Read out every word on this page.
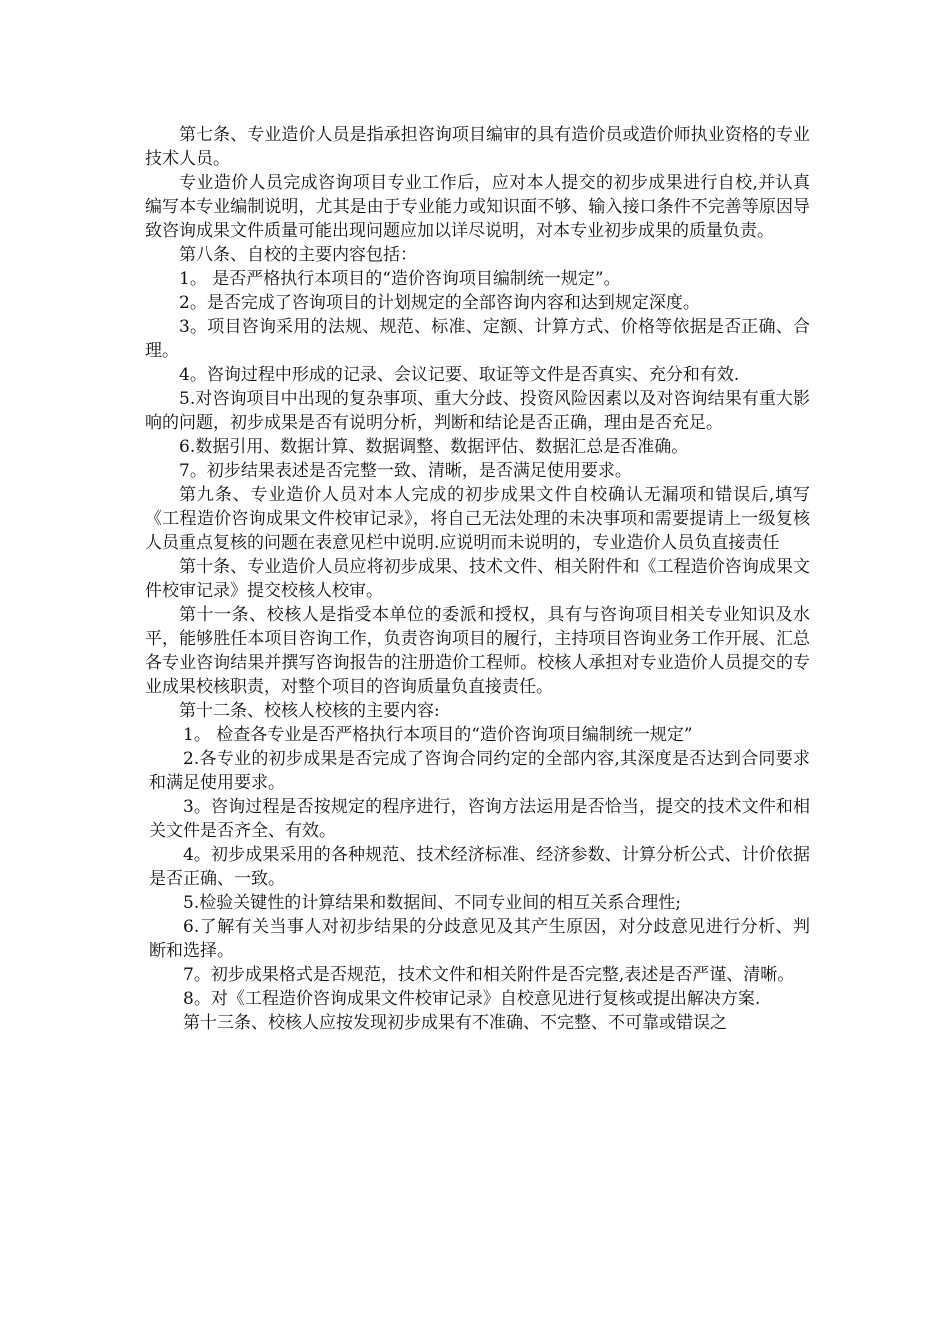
第七条、专业造价人员是指承担咨询项目编审的具有造价员或造价师执业资格的专业技术人员。

专业造价人员完成咨询项目专业工作后，应对本人提交的初步成果进行自校,并认真编写本专业编制说明，尤其是由于专业能力或知识面不够、输入接口条件不完善等原因导致咨询成果文件质量可能出现问题应加以详尽说明，对本专业初步成果的质量负责。

第八条、自校的主要内容包括：

1。 是否严格执行本项目的“造价咨询项目编制统一规定”。

2。是否完成了咨询项目的计划规定的全部咨询内容和达到规定深度。

3。项目咨询采用的法规、规范、标准、定额、计算方式、价格等依据是否正确、合理。

4。咨询过程中形成的记录、会议记要、取证等文件是否真实、充分和有效.

5.对咨询项目中出现的复杂事项、重大分歧、投资风险因素以及对咨询结果有重大影响的问题，初步成果是否有说明分析，判断和结论是否正确，理由是否充足。

6.数据引用、数据计算、数据调整、数据评估、数据汇总是否准确。

7。初步结果表述是否完整一致、清晰，是否满足使用要求。

第九条、专业造价人员对本人完成的初步成果文件自校确认无漏项和错误后,填写《工程造价咨询成果文件校审记录》，将自己无法处理的未决事项和需要提请上一级复核人员重点复核的问题在表意见栏中说明.应说明而未说明的，专业造价人员负直接责任

第十条、专业造价人员应将初步成果、技术文件、相关附件和《工程造价咨询成果文件校审记录》提交校核人校审。

第十一条、校核人是指受本单位的委派和授权，具有与咨询项目相关专业知识及水平，能够胜任本项目咨询工作，负责咨询项目的履行，主持项目咨询业务工作开展、汇总各专业咨询结果并撰写咨询报告的注册造价工程师。校核人承担对专业造价人员提交的专业成果校核职责，对整个项目的咨询质量负直接责任。

第十二条、校核人校核的主要内容:

1。 检查各专业是否严格执行本项目的“造价咨询项目编制统一规定”

2.各专业的初步成果是否完成了咨询合同约定的全部内容,其深度是否达到合同要求和满足使用要求。

3。咨询过程是否按规定的程序进行，咨询方法运用是否恰当，提交的技术文件和相关文件是否齐全、有效。

4。初步成果采用的各种规范、技术经济标准、经济参数、计算分析公式、计价依据是否正确、一致。

5.检验关键性的计算结果和数据间、不同专业间的相互关系合理性;

6.了解有关当事人对初步结果的分歧意见及其产生原因，对分歧意见进行分析、判断和选择。

7。初步成果格式是否规范，技术文件和相关附件是否完整,表述是否严谨、清晰。

8。对《工程造价咨询成果文件校审记录》自校意见进行复核或提出解决方案.

第十三条、校核人应按发现初步成果有不准确、不完整、不可靠或错误之
